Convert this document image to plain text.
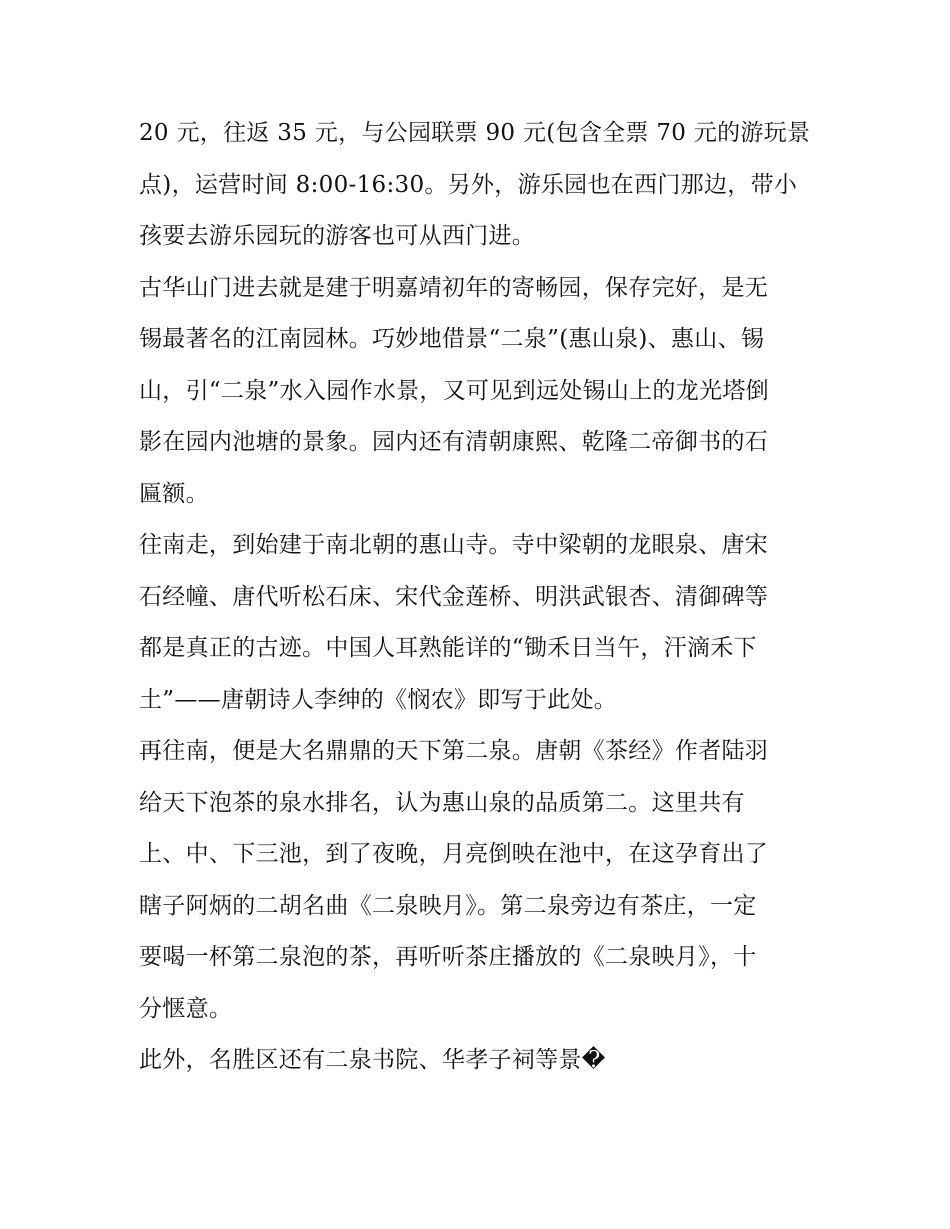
20 元，往返 35 元，与公园联票 90 元(包含全票 70 元的游玩景
点)，运营时间 8:00-16:30。另外，游乐园也在西门那边，带小
孩要去游乐园玩的游客也可从西门进。
古华山门进去就是建于明嘉靖初年的寄畅园，保存完好，是无
锡最著名的江南园林。巧妙地借景“二泉”(惠山泉)、惠山、锡
山，引“二泉”水入园作水景，又可见到远处锡山上的龙光塔倒
影在园内池塘的景象。园内还有清朝康熙、乾隆二帝御书的石
匾额。
往南走，到始建于南北朝的惠山寺。寺中梁朝的龙眼泉、唐宋
石经幢、唐代听松石床、宋代金莲桥、明洪武银杏、清御碑等
都是真正的古迹。中国人耳熟能详的“锄禾日当午，汗滴禾下
土”——唐朝诗人李绅的《悯农》即写于此处。
再往南，便是大名鼎鼎的天下第二泉。唐朝《茶经》作者陆羽
给天下泡茶的泉水排名，认为惠山泉的品质第二。这里共有
上、中、下三池，到了夜晚，月亮倒映在池中，在这孕育出了
瞎子阿炳的二胡名曲《二泉映月》。第二泉旁边有茶庄，一定
要喝一杯第二泉泡的茶，再听听茶庄播放的《二泉映月》，十
分惬意。
此外，名胜区还有二泉书院、华孝子祠等景�
